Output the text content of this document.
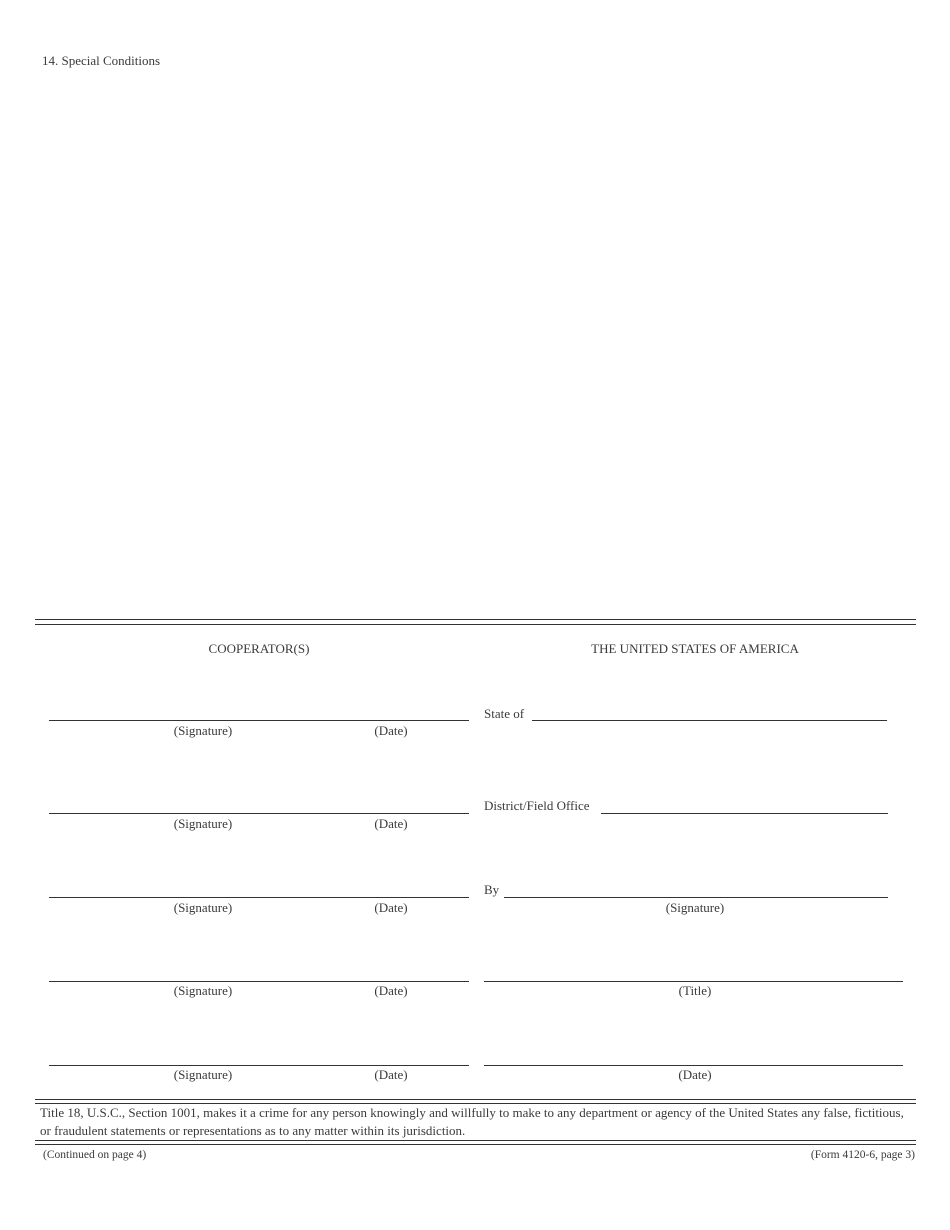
14. Special Conditions
COOPERATOR(S)	THE UNITED STATES OF AMERICA
(Signature)	(Date)
(Signature)	(Date)
(Signature)	(Date)
(Signature)	(Date)
(Signature)	(Date)
State of
District/Field Office
By
(Signature)
(Title)
(Date)
Title 18, U.S.C., Section 1001, makes it a crime for any person knowingly and willfully to make to any department or agency of the United States any false, fictitious, or fraudulent statements or representations as to any matter within its jurisdiction.
(Continued on page 4)	(Form 4120-6, page 3)
